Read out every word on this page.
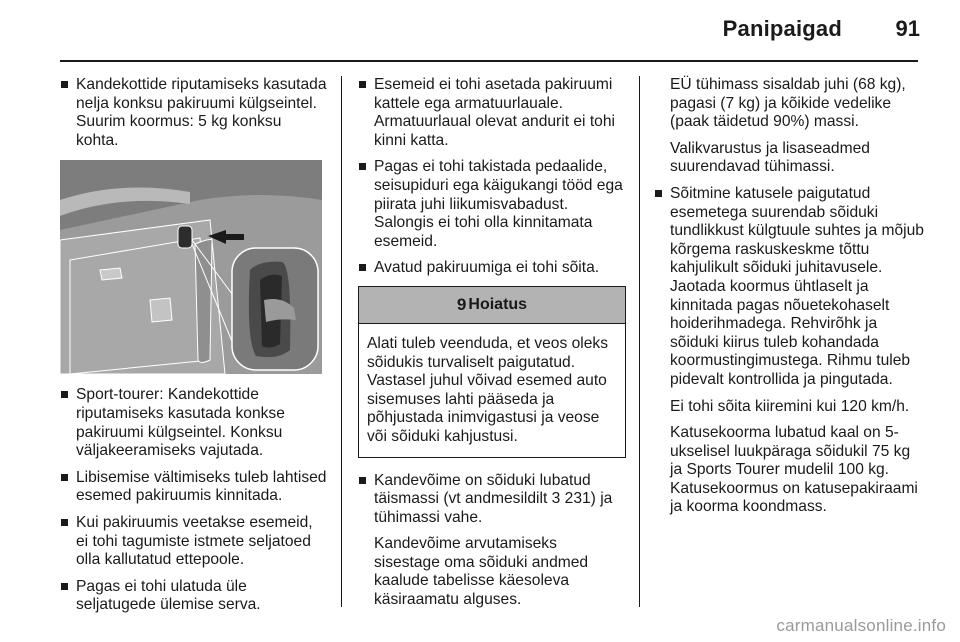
Panipaigad 91
Kandekottide riputamiseks kasutada nelja konksu pakiruumi külgseintel. Suurim koormus: 5 kg konksu kohta.
Sport-tourer: Kandekottide riputamiseks kasutada konkse pakiruumi külgseintel. Konksu väljakeeramiseks vajutada.
Libisemise vältimiseks tuleb lahtised esemed pakiruumis kinnitada.
Kui pakiruumis veetakse esemeid, ei tohi tagumiste istmete seljatoed olla kallutatud ettepoole.
Pagas ei tohi ulatuda üle seljatugede ülemise serva.
Esemeid ei tohi asetada pakiruumi kattele ega armatuurlauale. Armatuurlaual olevat andurit ei tohi kinni katta.
Pagas ei tohi takistada pedaalide, seisupiduri ega käigukangi tööd ega piirata juhi liikumisvabadust. Salongis ei tohi olla kinnitamata esemeid.
Avatud pakiruumiga ei tohi sõita.
9 Hoiatus
Alati tuleb veenduda, et veos oleks sõidukis turvaliselt paigutatud. Vastasel juhul võivad esemed auto sisemuses lahti pääseda ja põhjustada inimvigastusi ja veose või sõiduki kahjustusi.
Kandevõime on sõiduki lubatud täismassi (vt andmesildilt 3 231) ja tühimassi vahe.
Kandevõime arvutamiseks sisestage oma sõiduki andmed kaalude tabelisse käesoleva käsiraamatu alguses.
EÜ tühimass sisaldab juhi (68 kg), pagasi (7 kg) ja kõikide vedelike (paak täidetud 90%) massi.
Valikvarustus ja lisaseadmed suurendavad tühimassi.
Sõitmine katusele paigutatud esemetega suurendab sõiduki tundlikkust külgtuule suhtes ja mõjub kõrgema raskuskeskme tõttu kahjulikult sõiduki juhitavusele. Jaotada koormus ühtlaselt ja kinnitada pagas nõuetekohaselt hoiderihmadega. Rehvirõhk ja sõiduki kiirus tuleb kohandada koormustingimustega. Rihmu tuleb pidevalt kontrollida ja pingutada.
Ei tohi sõita kiiremini kui 120 km/h.
Katusekoorma lubatud kaal on 5-ukselisel luukpäraga sõidukil 75 kg ja Sports Tourer mudelil 100 kg. Katusekoormus on katusepakiraami ja koorma koondmass.
carmanualsonline.info
